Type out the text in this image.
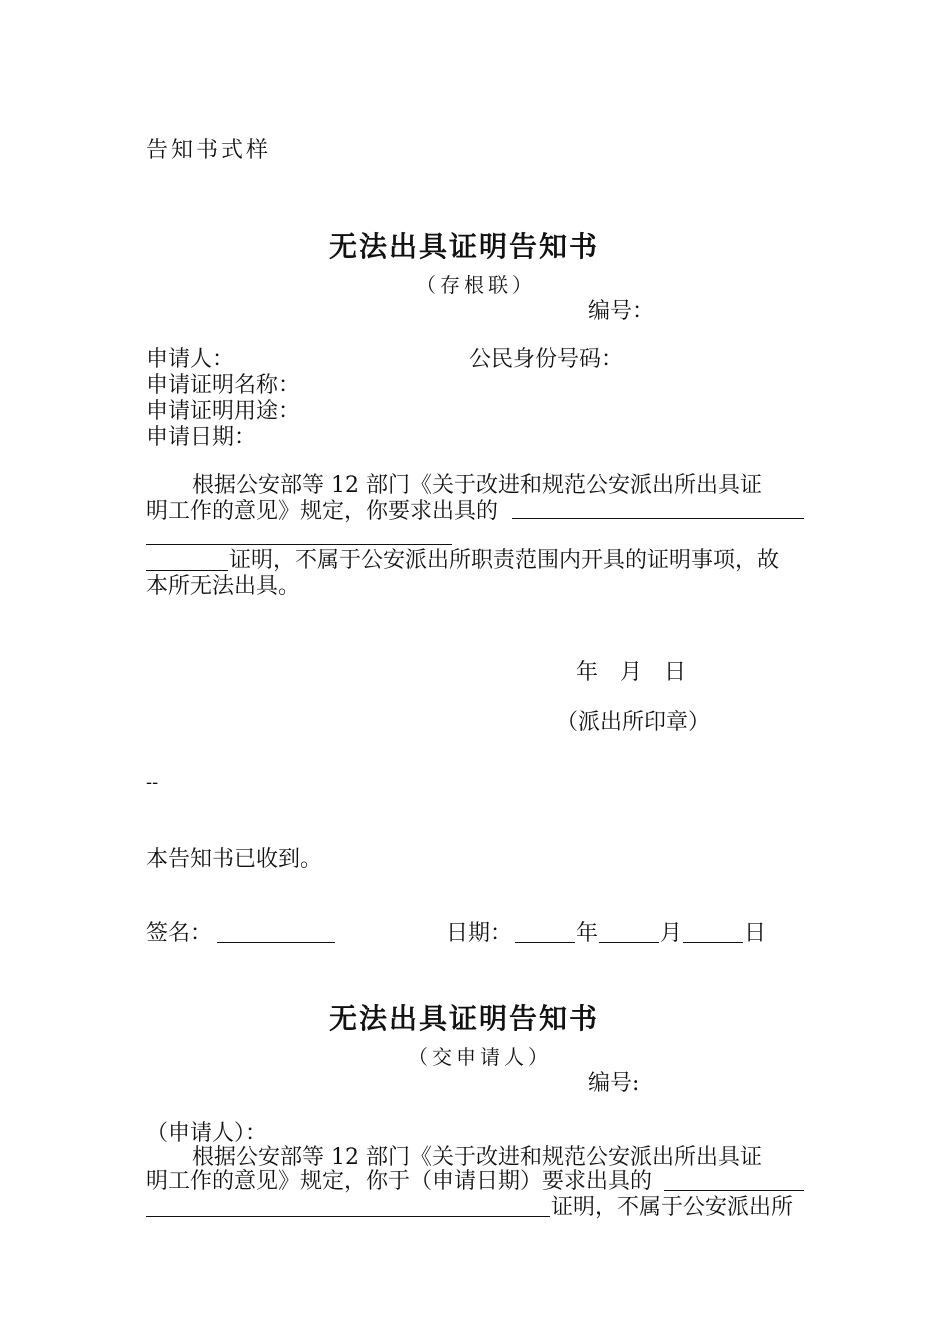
告知书式样
无法出具证明告知书
（存根联）
编号：
申请人：	公民身份号码：
申请证明名称：
申请证明用途：
申请日期：
根据公安部等 12 部门《关于改进和规范公安派出所出具证
明工作的意见》规定，你要求出具的
证明，不属于公安派出所职责范围内开具的证明事项，故
本所无法出具。
年　月　日
（派出所印章）
--
本告知书已收到。
签名：	日期：	年	月	日
无法出具证明告知书
（交申请人）
编号:
（申请人）：
根据公安部等 12 部门《关于改进和规范公安派出所出具证
明工作的意见》规定，你于（申请日期）要求出具的
证明，不属于公安派出所
